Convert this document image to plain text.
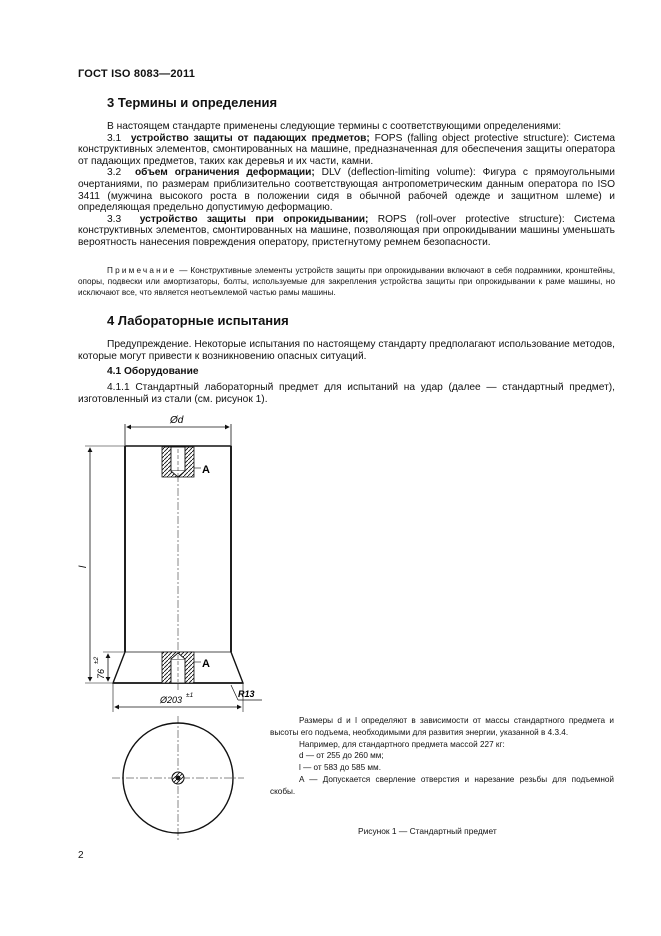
ГОСТ ISO 8083—2011
3 Термины и определения

В настоящем стандарте применены следующие термины с соответствующими определениями:

3.1 устройство защиты от падающих предметов; FOPS (falling object protective structure): Система конструктивных элементов, смонтированных на машине, предназначенная для обеспечения защиты оператора от падающих предметов, таких как деревья и их части, камни.

3.2 объем ограничения деформации; DLV (deflection-limiting volume): Фигура с прямоугольными очертаниями, по размерам приблизительно соответствующая антропометрическим данным оператора по ISO 3411 (мужчина высокого роста в положении сидя в обычной рабочей одежде и защитном шлеме) и определяющая предельно допустимую деформацию.

3.3 устройство защиты при опрокидывании; ROPS (roll-over protective structure): Система конструктивных элементов, смонтированных на машине, позволяющая при опрокидывании машины уменьшать вероятность нанесения повреждения оператору, пристегнутому ремнем безопасности.

Примечание — Конструктивные элементы устройств защиты при опрокидывании включают в себя подрамники, кронштейны, опоры, подвески или амортизаторы, болты, используемые для закрепления устройства защиты при опрокидывании к раме машины, но исключают все, что является неотъемлемой частью рамы машины.
4 Лабораторные испытания

Предупреждение. Некоторые испытания по настоящему стандарту предполагают использование методов, которые могут привести к возникновению опасных ситуаций.

4.1 Оборудование

4.1.1 Стандартный лабораторный предмет для испытаний на удар (далее — стандартный предмет), изготовленный из стали (см. рисунок 1).

Ød
A
A
l
76
±2
Ø203 ±1	R13

Размеры d и l определяют в зависимости от массы стандартного предмета и высоты его подъема, необходимыми для развития энергии, указанной в 4.3.4.

Например, для стандартного предмета массой 227 кг:

d — от 255 до 260 мм;

l — от 583 до 585 мм.

A — Допускается сверление отверстия и нарезание резьбы для подъемной скобы.

Рисунок 1 — Стандартный предмет
2
